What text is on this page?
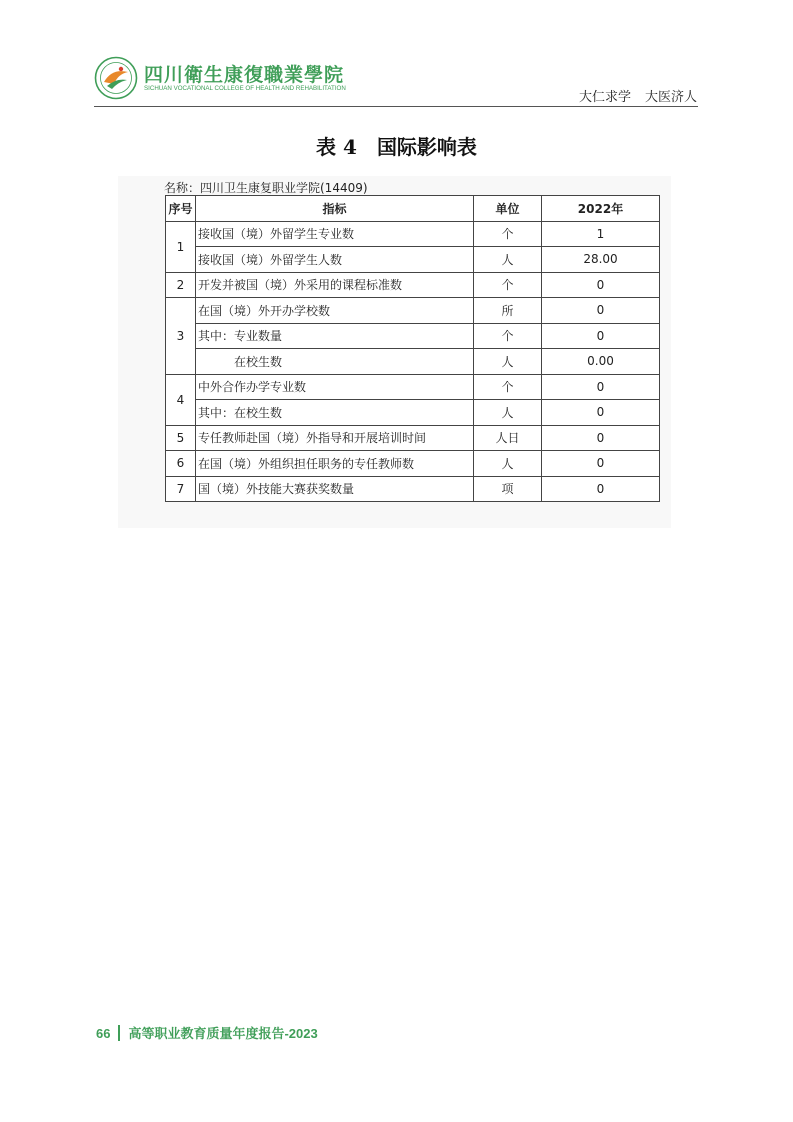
四川衛生康復職業學院
SICHUAN VOCATIONAL COLLEGE OF HEALTH AND REHABILITATION
大仁求学 大医济人
表 4 国际影响表
名称：四川卫生康复职业学院(14409)
序号	指标	单位	2022年
1	接收国（境）外留学生专业数	个	1
	接收国（境）外留学生人数	人	28.00
2	开发并被国（境）外采用的课程标准数	个	0
3	在国（境）外开办学校数	所	0
	其中：专业数量	个	0
	在校生数	人	0.00
4	中外合作办学专业数	个	0
	其中：在校生数	人	0
5	专任教师赴国（境）外指导和开展培训时间	人日	0
6	在国（境）外组织担任职务的专任教师数	人	0
7	国（境）外技能大赛获奖数量	项	0
66 高等职业教育质量年度报告-2023
